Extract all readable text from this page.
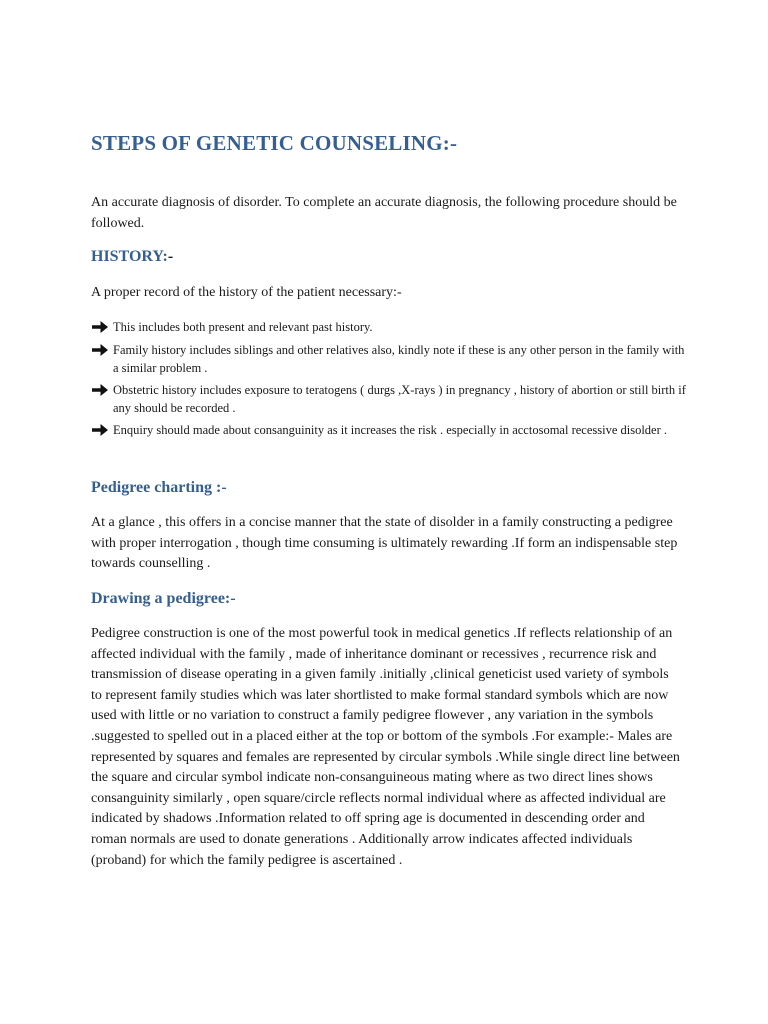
STEPS OF GENETIC COUNSELING:-

An accurate diagnosis of disorder. To complete an accurate diagnosis, the following procedure should be followed.

HISTORY:-

A proper record of the history of the patient necessary:-

This includes both present and relevant past history.
Family history includes siblings and other relatives also, kindly note if these is any other person in the family with a similar problem .
Obstetric history includes exposure to teratogens ( durgs ,X-rays ) in pregnancy , history of abortion or still birth if any should be recorded .
Enquiry should made about consanguinity as it increases the risk . especially in acctosomal recessive disolder .
Pedigree charting :-

At a glance , this offers in a concise manner that the state of disolder in a family constructing a pedigree with proper interrogation , though time consuming is ultimately rewarding .If form an indispensable step towards counselling .

Drawing a pedigree:-

Pedigree construction is one of the most powerful took in medical genetics .If reflects relationship of an affected individual with the family , made of inheritance dominant or recessives , recurrence risk and transmission of disease operating in a given family .initially ,clinical geneticist used variety of symbols to represent family studies which was later shortlisted to make formal standard symbols which are now used with little or no variation to construct a family pedigree flowever , any variation in the symbols .suggested to spelled out in a placed either at the top or bottom of the symbols .For example:- Males are represented by squares and females are represented by circular symbols .While single direct line between the square and circular symbol indicate non-consanguineous mating where as two direct lines shows consanguinity similarly , open square/circle reflects normal individual where as affected individual are indicated by shadows .Information related to off spring age is documented in descending order and roman normals are used to donate generations . Additionally arrow indicates affected individuals (proband) for which the family pedigree is ascertained .
